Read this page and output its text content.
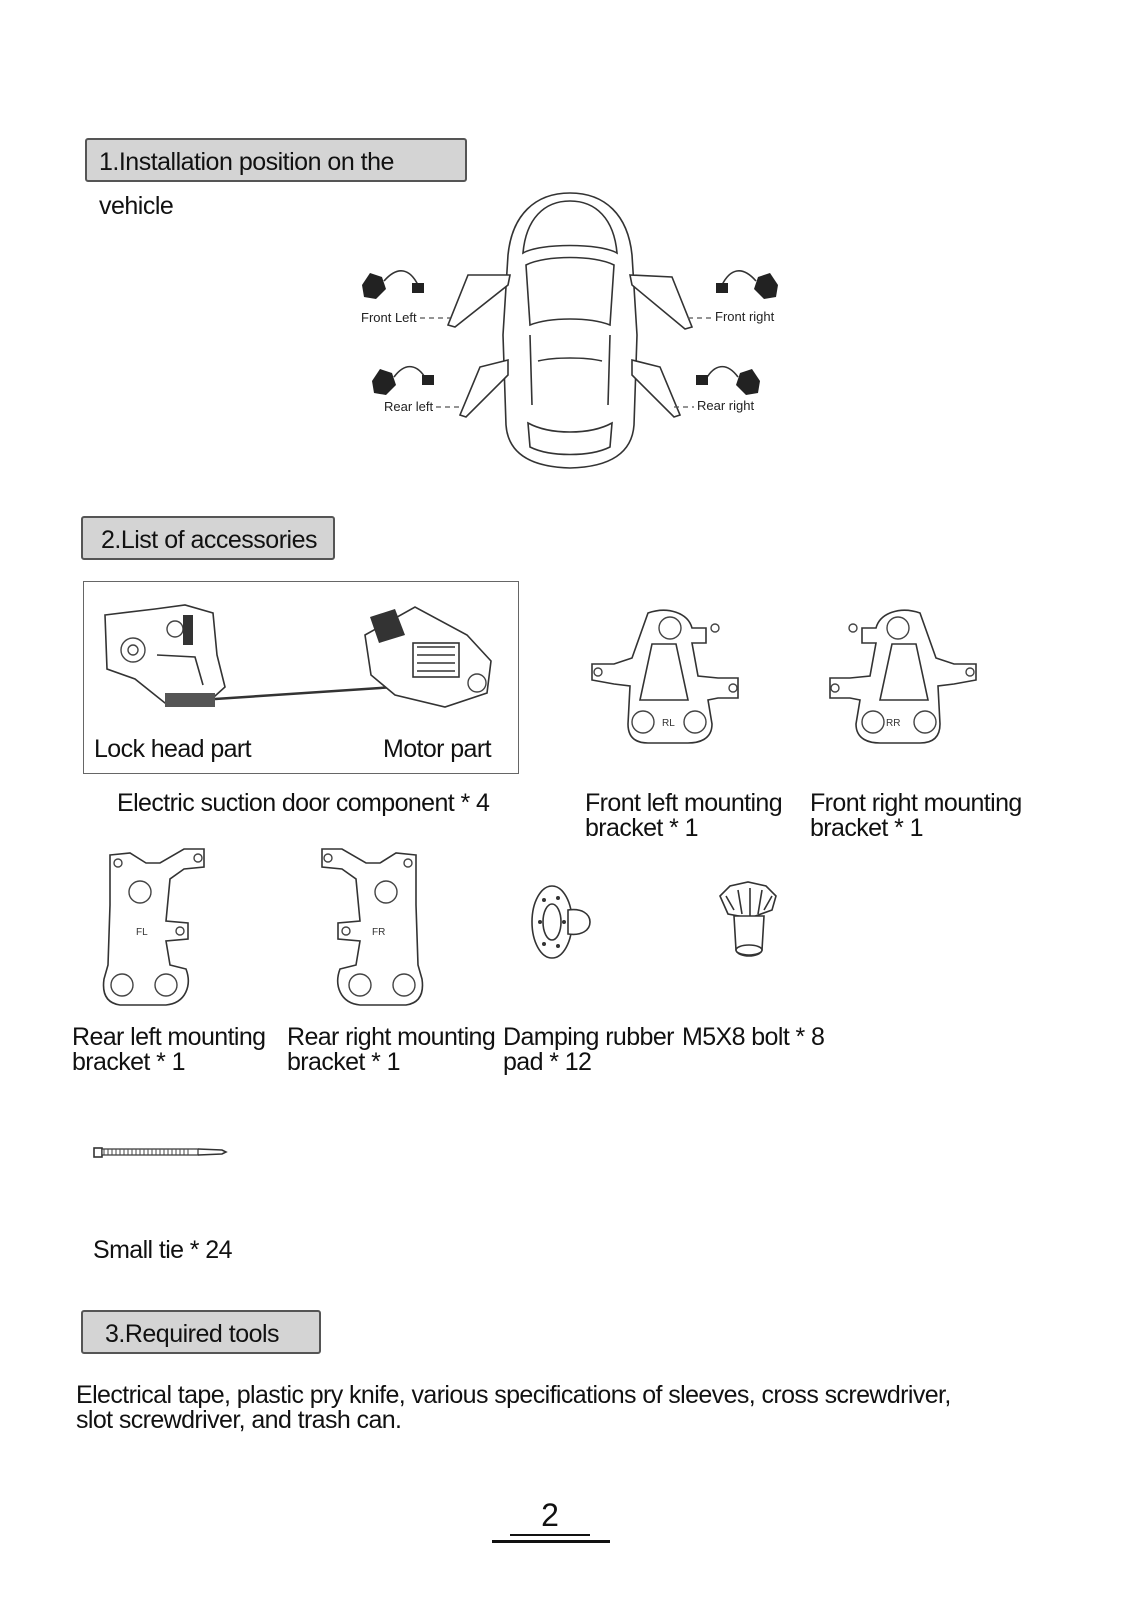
1.Installation position on the vehicle
Front Left	Front right
Rear left	Rear right
2.List of accessories
Lock head part	Motor part
Electric suction door component * 4
RL
Front left mounting
bracket * 1
RR
Front right mounting
bracket * 1
FL
Rear left mounting
bracket * 1
FR
Rear right mounting
bracket * 1
Damping rubber
pad * 12
M5X8 bolt * 8
Small tie * 24
3.Required tools
Electrical tape, plastic pry knife, various specifications of sleeves, cross screwdriver,
slot screwdriver, and trash can.
2
